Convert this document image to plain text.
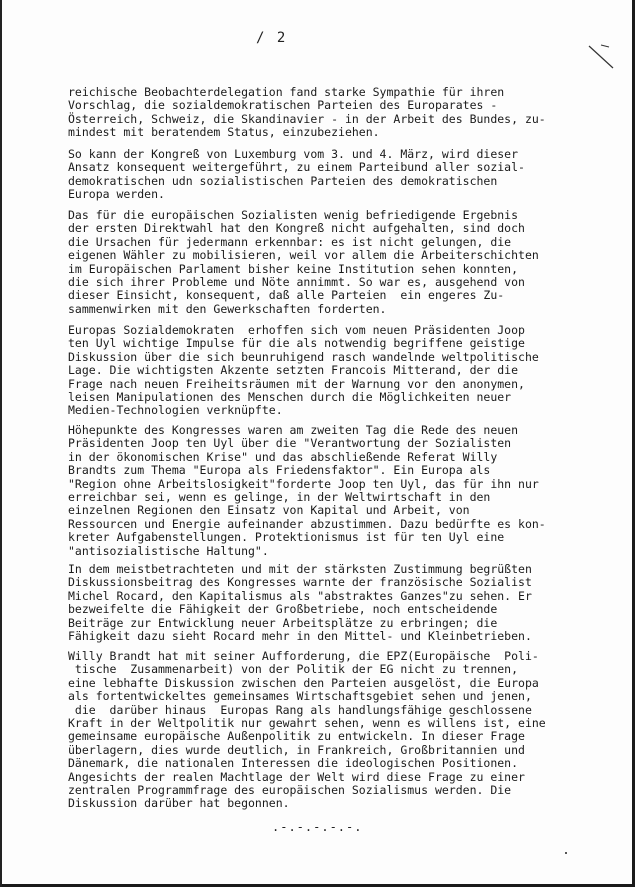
/ 2
reichische Beobachterdelegation fand starke Sympathie für ihren
Vorschlag, die sozialdemokratischen Parteien des Europarates -
Österreich, Schweiz, die Skandinavier - in der Arbeit des Bundes, zu-
mindest mit beratendem Status, einzubeziehen.
So kann der Kongreß von Luxemburg vom 3. und 4. März, wird dieser
Ansatz konsequent weitergeführt, zu einem Parteibund aller sozial-
demokratischen udn sozialistischen Parteien des demokratischen
Europa werden.
Das für die europäischen Sozialisten wenig befriedigende Ergebnis
der ersten Direktwahl hat den Kongreß nicht aufgehalten, sind doch
die Ursachen für jedermann erkennbar: es ist nicht gelungen, die
eigenen Wähler zu mobilisieren, weil vor allem die Arbeiterschichten
im Europäischen Parlament bisher keine Institution sehen konnten,
die sich ihrer Probleme und Nöte annimmt. So war es, ausgehend von
dieser Einsicht, konsequent, daß alle Parteien  ein engeres Zu-
sammenwirken mit den Gewerkschaften forderten.
Europas Sozialdemokraten  erhoffen sich vom neuen Präsidenten Joop
ten Uyl wichtige Impulse für die als notwendig begriffene geistige
Diskussion über die sich beunruhigend rasch wandelnde weltpolitische
Lage. Die wichtigsten Akzente setzten Francois Mitterand, der die
Frage nach neuen Freiheitsräumen mit der Warnung vor den anonymen,
leisen Manipulationen des Menschen durch die Möglichkeiten neuer
Medien-Technologien verknüpfte.
Höhepunkte des Kongresses waren am zweiten Tag die Rede des neuen
Präsidenten Joop ten Uyl über die "Verantwortung der Sozialisten
in der ökonomischen Krise" und das abschließende Referat Willy
Brandts zum Thema "Europa als Friedensfaktor". Ein Europa als
"Region ohne Arbeitslosigkeit"forderte Joop ten Uyl, das für ihn nur
erreichbar sei, wenn es gelinge, in der Weltwirtschaft in den
einzelnen Regionen den Einsatz von Kapital und Arbeit, von
Ressourcen und Energie aufeinander abzustimmen. Dazu bedürfte es kon-
kreter Aufgabenstellungen. Protektionismus ist für ten Uyl eine
"antisozialistische Haltung".
In dem meistbetrachteten und mit der stärksten Zustimmung begrüßten
Diskussionsbeitrag des Kongresses warnte der französische Sozialist
Michel Rocard, den Kapitalismus als "abstraktes Ganzes"zu sehen. Er
bezweifelte die Fähigkeit der Großbetriebe, noch entscheidende
Beiträge zur Entwicklung neuer Arbeitsplätze zu erbringen; die
Fähigkeit dazu sieht Rocard mehr in den Mittel- und Kleinbetrieben.
Willy Brandt hat mit seiner Aufforderung, die EPZ(Europäische  Poli-
tische  Zusammenarbeit) von der Politik der EG nicht zu trennen,
eine lebhafte Diskussion zwischen den Parteien ausgelöst, die Europa
als fortentwickeltes gemeinsames Wirtschaftsgebiet sehen und jenen,
die  darüber hinaus  Europas Rang als handlungsfähige geschlossene
Kraft in der Weltpolitik nur gewahrt sehen, wenn es willens ist, eine
gemeinsame europäische Außenpolitik zu entwickeln. In dieser Frage
überlagern, dies wurde deutlich, in Frankreich, Großbritannien und
Dänemark, die nationalen Interessen die ideologischen Positionen.
Angesichts der realen Machtlage der Welt wird diese Frage zu einer
zentralen Programmfrage des europäischen Sozialismus werden. Die
Diskussion darüber hat begonnen.
.-.-.-.-.-.
